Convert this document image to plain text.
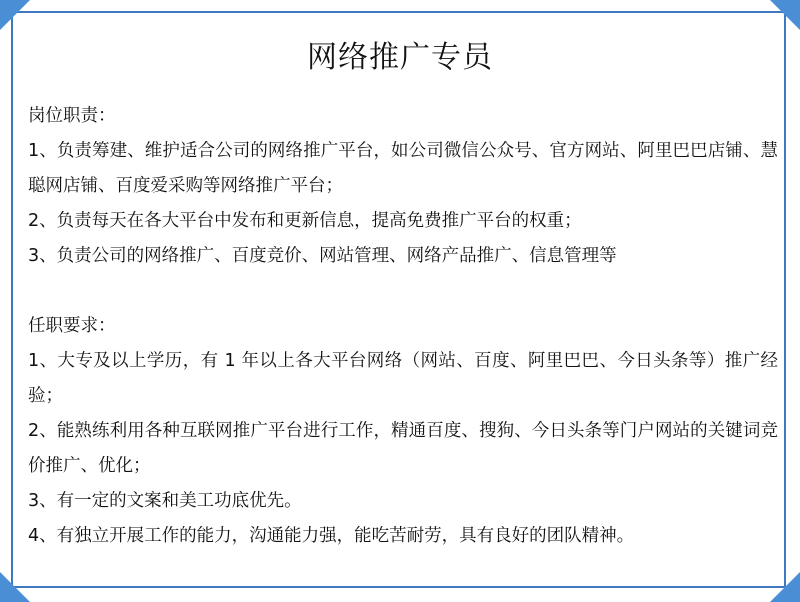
网络推广专员

岗位职责：

1、负责筹建、维护适合公司的网络推广平台，如公司微信公众号、官方网站、阿里巴巴店铺、慧聪网店铺、百度爱采购等网络推广平台；

2、负责每天在各大平台中发布和更新信息，提高免费推广平台的权重；

3、负责公司的网络推广、百度竞价、网站管理、网络产品推广、信息管理等

任职要求：

1、大专及以上学历，有 1 年以上各大平台网络（网站、百度、阿里巴巴、今日头条等）推广经验；

2、能熟练利用各种互联网推广平台进行工作，精通百度、搜狗、今日头条等门户网站的关键词竞价推广、优化；

3、有一定的文案和美工功底优先。

4、有独立开展工作的能力，沟通能力强，能吃苦耐劳，具有良好的团队精神。
